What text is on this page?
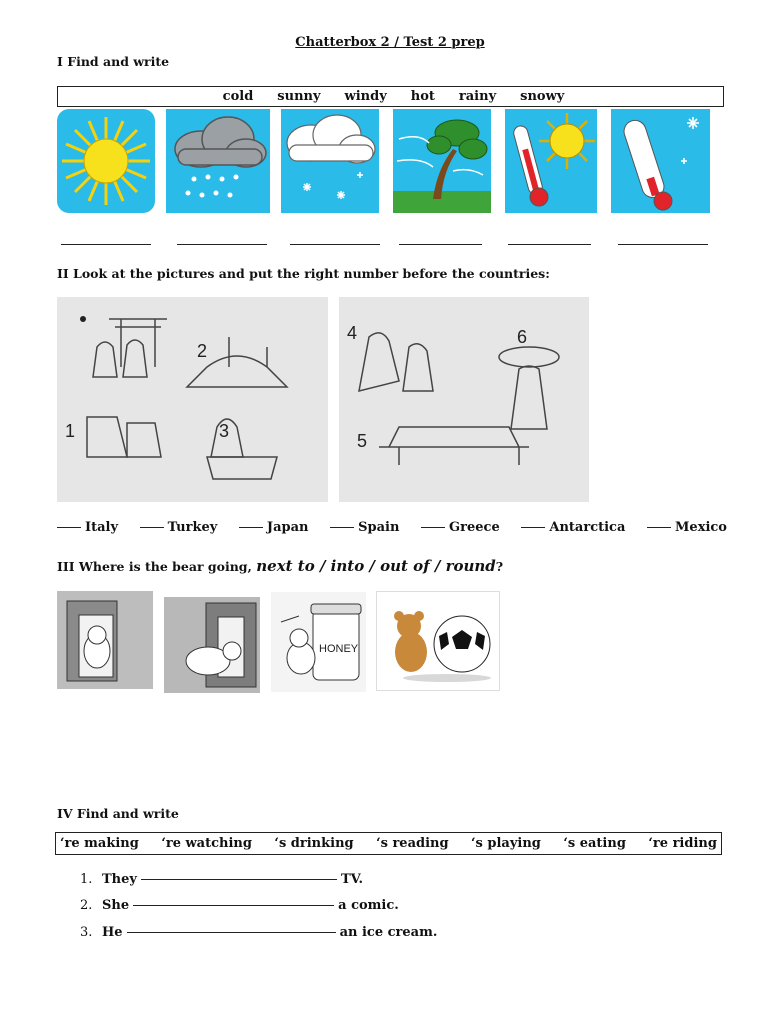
Chatterbox 2 / Test 2 prep
I Find and write
cold sunny windy hot rainy snowy
II Look at the pictures and put the right number before the countries:
2
1	3
4	6
5
Italy	Turkey	Japan	Spain	Greece	Antarctica	Mexico
III Where is the bear going, next to / into / out of / round?
HONEY
IV Find and write
‘re making ‘re watching ‘s drinking ‘s reading ‘s playing ‘s eating ‘re riding
1. They	TV.
2. She	a comic.
3. He	an ice cream.
